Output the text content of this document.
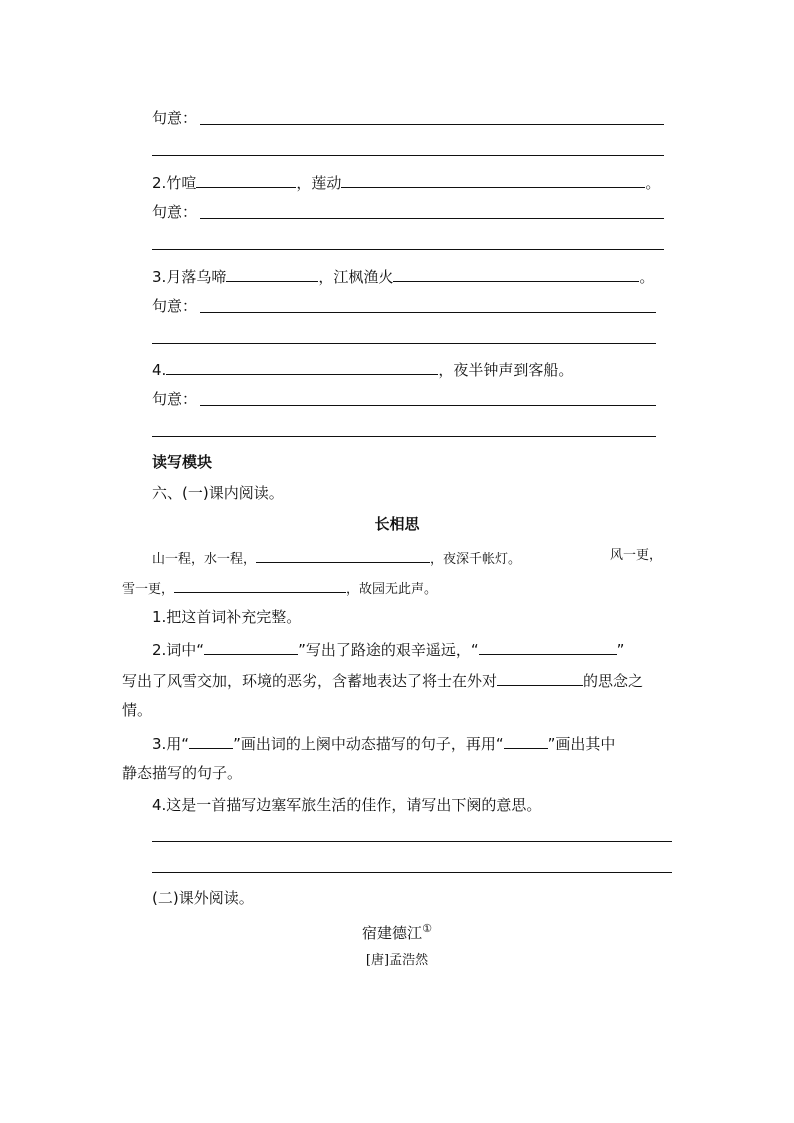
句意：
2.竹喧	，莲动	。
句意：
3.月落乌啼	，江枫渔火	。
句意：
4.	，夜半钟声到客船。
句意：
读写模块
六、(一)课内阅读。
长相思
山一程，水一程，	，夜深千帐灯。	风一更，
雪一更，	，故园无此声。
1.把这首词补充完整。
2.词中“	”写出了路途的艰辛遥远，“	”
写出了风雪交加，环境的恶劣，含蓄地表达了将士在外对	的思念之
情。
3.用“	”画出词的上阕中动态描写的句子，再用“	”画出其中
静态描写的句子。
4.这是一首描写边塞军旅生活的佳作，请写出下阕的意思。
(二)课外阅读。
宿建德江①
[唐]孟浩然
